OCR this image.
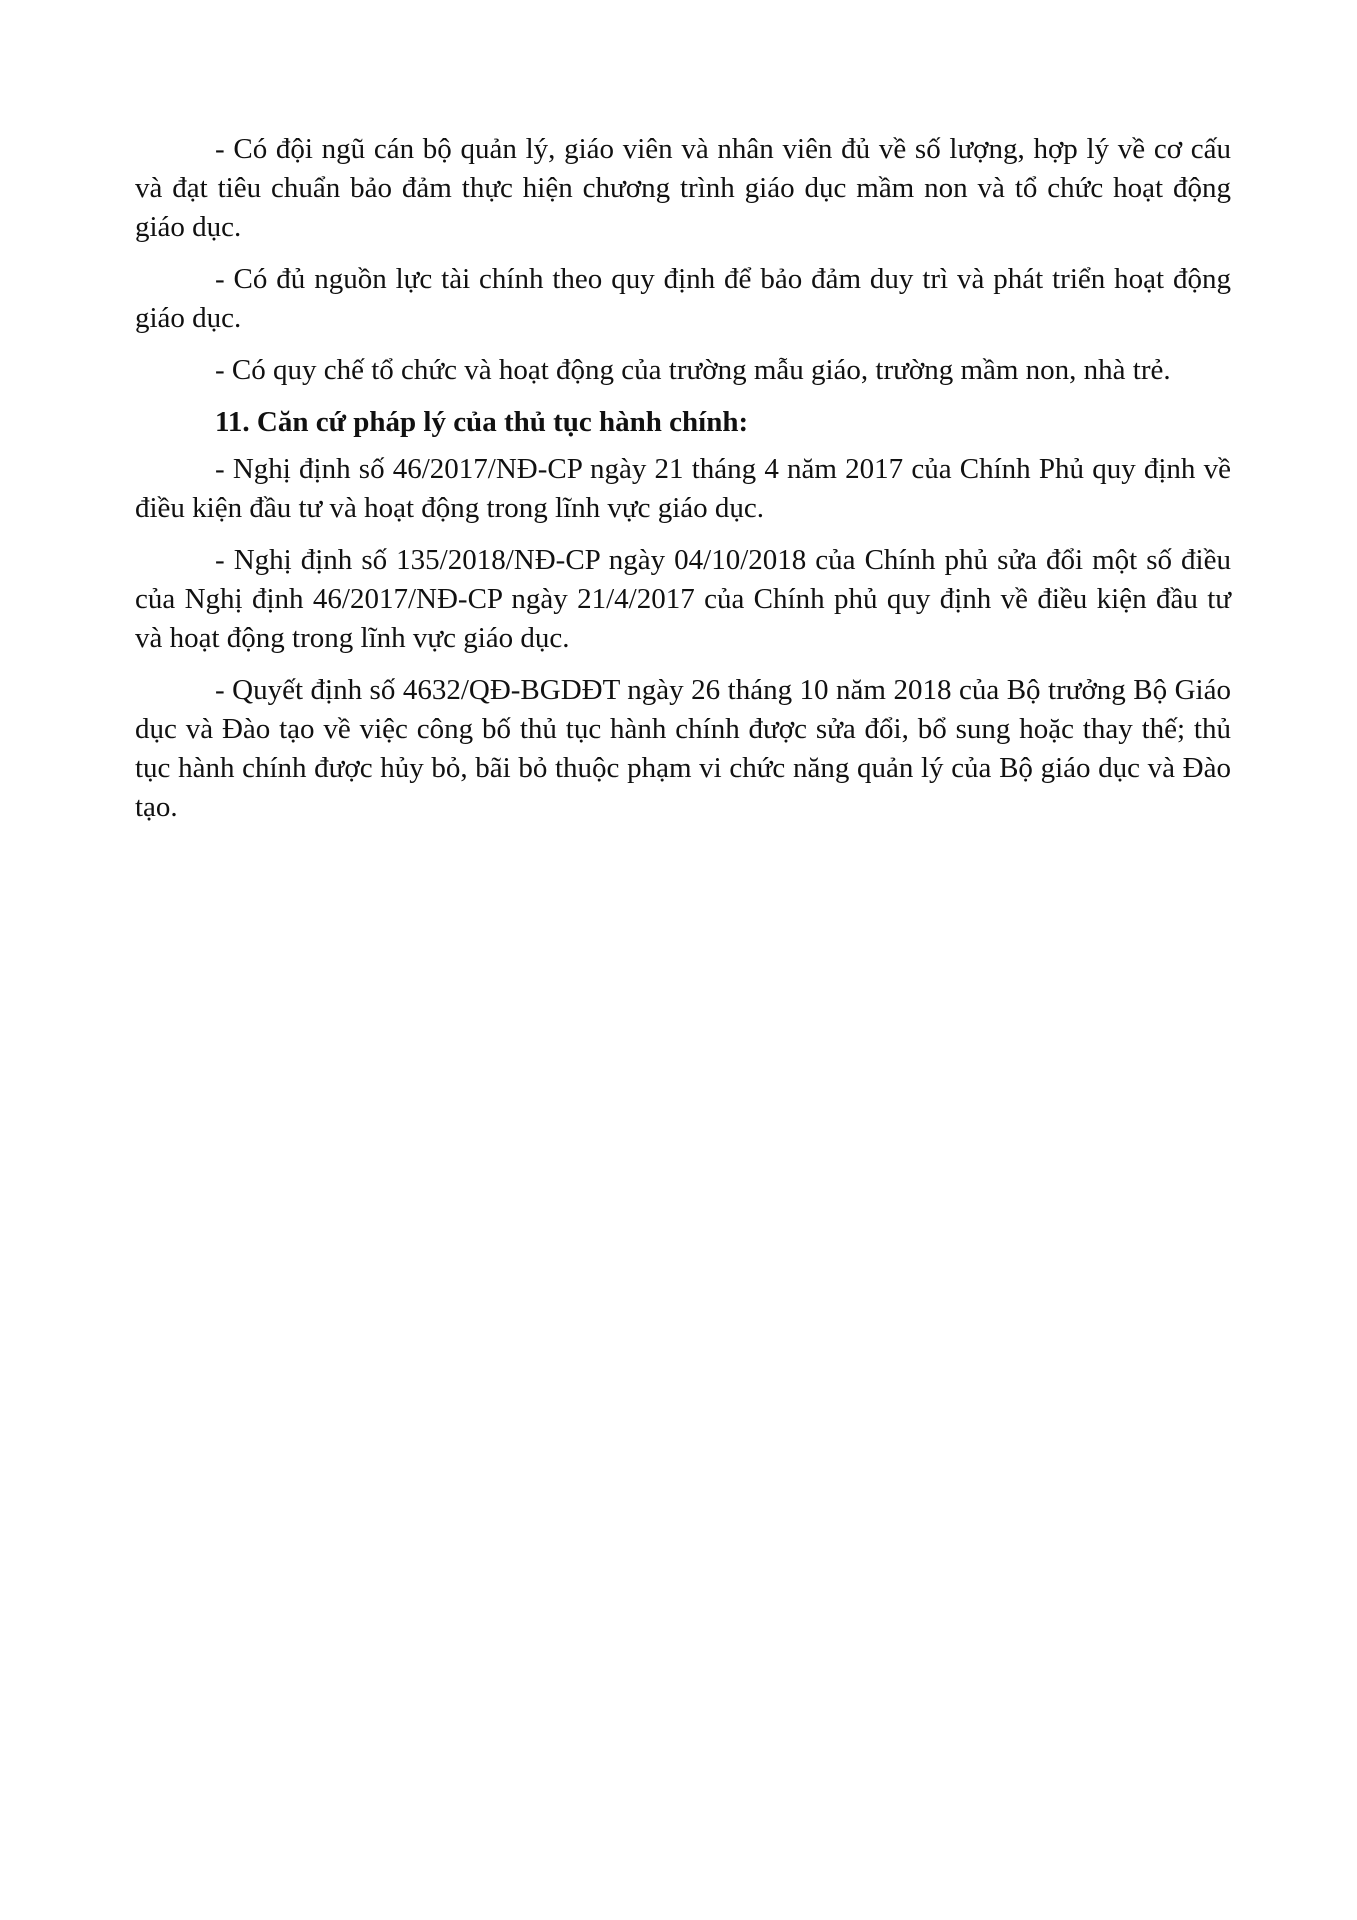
- Có đội ngũ cán bộ quản lý, giáo viên và nhân viên đủ về số lượng, hợp lý về cơ cấu và đạt tiêu chuẩn bảo đảm thực hiện chương trình giáo dục mầm non và tổ chức hoạt động giáo dục.

- Có đủ nguồn lực tài chính theo quy định để bảo đảm duy trì và phát triển hoạt động giáo dục.

- Có quy chế tổ chức và hoạt động của trường mẫu giáo, trường mầm non, nhà trẻ.

11. Căn cứ pháp lý của thủ tục hành chính:

- Nghị định số 46/2017/NĐ-CP ngày 21 tháng 4 năm 2017 của Chính Phủ quy định về điều kiện đầu tư và hoạt động trong lĩnh vực giáo dục.

- Nghị định số 135/2018/NĐ-CP ngày 04/10/2018 của Chính phủ sửa đổi một số điều của Nghị định 46/2017/NĐ-CP ngày 21/4/2017 của Chính phủ quy định về điều kiện đầu tư và hoạt động trong lĩnh vực giáo dục.

- Quyết định số 4632/QĐ-BGDĐT ngày 26 tháng 10 năm 2018 của Bộ trưởng Bộ Giáo dục và Đào tạo về việc công bố thủ tục hành chính được sửa đổi, bổ sung hoặc thay thế; thủ tục hành chính được hủy bỏ, bãi bỏ thuộc phạm vi chức năng quản lý của Bộ giáo dục và Đào tạo.
